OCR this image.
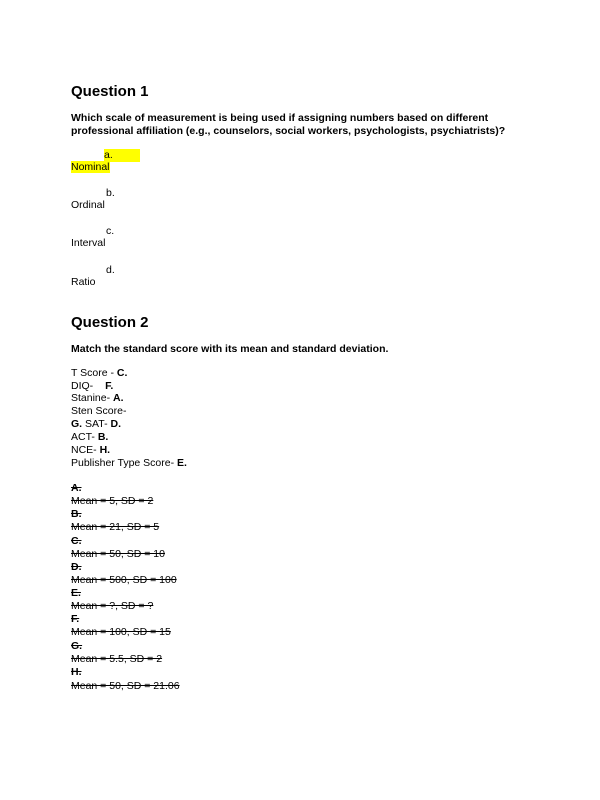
Question 1
Which scale of measurement is being used if assigning numbers based on different
professional affiliation (e.g., counselors, social workers, psychologists, psychiatrists)?
a.
Nominal
b.
Ordinal
c.
Interval
d.
Ratio
Question 2
Match the standard score with its mean and standard deviation.
T Score - C.
DIQ- F.
Stanine- A.
Sten Score-
G. SAT- D.
ACT- B.
NCE- H.
Publisher Type Score- E.
A.
Mean = 5, SD = 2
B.
Mean = 21, SD = 5
C.
Mean = 50, SD = 10
D.
Mean = 500, SD = 100
E.
Mean = ?, SD = ?
F.
Mean = 100, SD = 15
G.
Mean = 5.5, SD = 2
H.
Mean = 50, SD = 21.06
